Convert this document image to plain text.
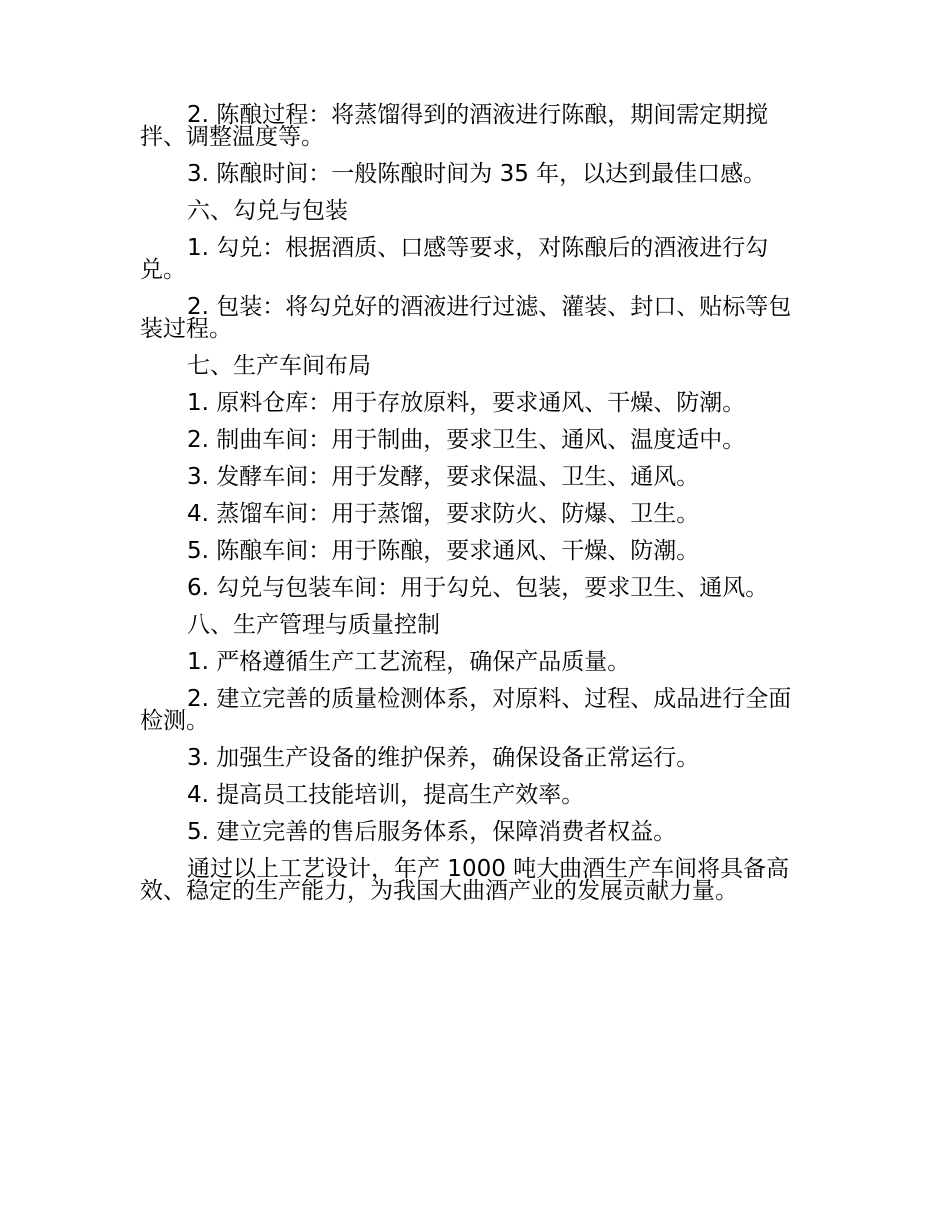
2. 陈酿过程：将蒸馏得到的酒液进行陈酿，期间需定期搅拌、调整温度等。

3. 陈酿时间：一般陈酿时间为 35 年，以达到最佳口感。

六、勾兑与包装

1. 勾兑：根据酒质、口感等要求，对陈酿后的酒液进行勾兑。

2. 包装：将勾兑好的酒液进行过滤、灌装、封口、贴标等包装过程。

七、生产车间布局

1. 原料仓库：用于存放原料，要求通风、干燥、防潮。

2. 制曲车间：用于制曲，要求卫生、通风、温度适中。

3. 发酵车间：用于发酵，要求保温、卫生、通风。

4. 蒸馏车间：用于蒸馏，要求防火、防爆、卫生。

5. 陈酿车间：用于陈酿，要求通风、干燥、防潮。

6. 勾兑与包装车间：用于勾兑、包装，要求卫生、通风。

八、生产管理与质量控制

1. 严格遵循生产工艺流程，确保产品质量。

2. 建立完善的质量检测体系，对原料、过程、成品进行全面检测。

3. 加强生产设备的维护保养，确保设备正常运行。

4. 提高员工技能培训，提高生产效率。

5. 建立完善的售后服务体系，保障消费者权益。

通过以上工艺设计，年产 1000 吨大曲酒生产车间将具备高效、稳定的生产能力，为我国大曲酒产业的发展贡献力量。
